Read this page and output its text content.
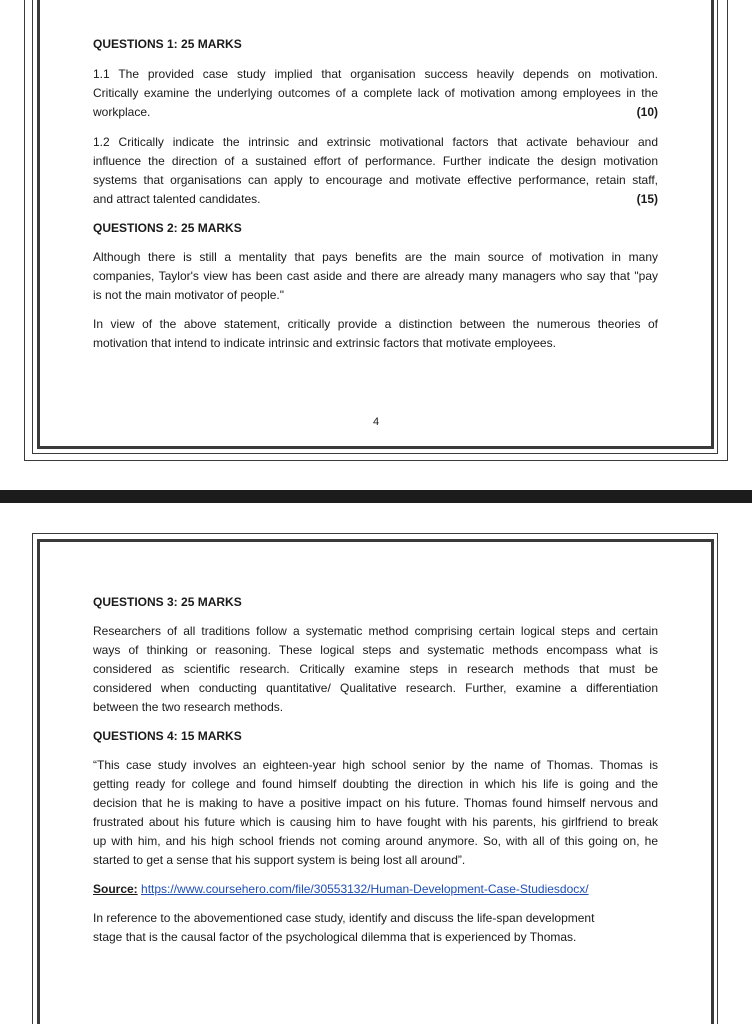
QUESTIONS 1: 25 MARKS

1.1 The provided case study implied that organisation success heavily depends on motivation.

Critically examine the underlying outcomes of a complete lack of motivation among employees in the

workplace.	(10)

1.2 Critically indicate the intrinsic and extrinsic motivational factors that activate behaviour and

influence the direction of a sustained effort of performance. Further indicate the design motivation

systems that organisations can apply to encourage and motivate effective performance, retain staff,

and attract talented candidates.	(15)
QUESTIONS 2: 25 MARKS

Although there is still a mentality that pays benefits are the main source of motivation in many

companies, Taylor's view has been cast aside and there are already many managers who say that "pay

is not the main motivator of people."

In view of the above statement, critically provide a distinction between the numerous theories of

motivation that intend to indicate intrinsic and extrinsic factors that motivate employees.

4
QUESTIONS 3: 25 MARKS

Researchers of all traditions follow a systematic method comprising certain logical steps and certain

ways of thinking or reasoning. These logical steps and systematic methods encompass what is

considered as scientific research. Critically examine steps in research methods that must be

considered when conducting quantitative/ Qualitative research. Further, examine a differentiation

between the two research methods.

QUESTIONS 4: 15 MARKS

“This case study involves an eighteen-year high school senior by the name of Thomas. Thomas is

getting ready for college and found himself doubting the direction in which his life is going and the

decision that he is making to have a positive impact on his future. Thomas found himself nervous and

frustrated about his future which is causing him to have fought with his parents, his girlfriend to break

up with him, and his high school friends not coming around anymore. So, with all of this going on, he

started to get a sense that his support system is being lost all around”.

Source: https://www.coursehero.com/file/30553132/Human-Development-Case-Studiesdocx/

In reference to the abovementioned case study, identify and discuss the life-span development

stage that is the causal factor of the psychological dilemma that is experienced by Thomas.
